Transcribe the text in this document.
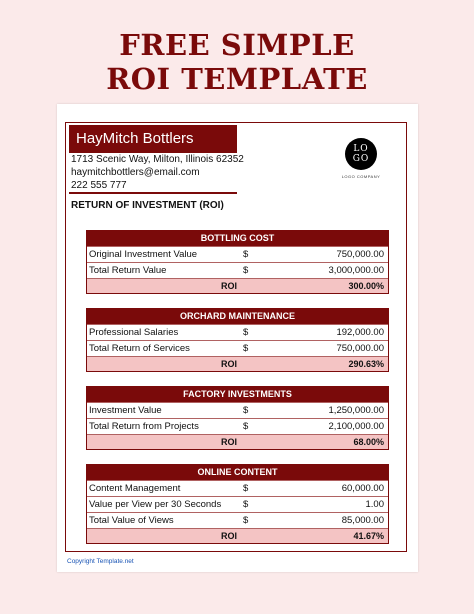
FREE SIMPLE
ROI TEMPLATE
HayMitch Bottlers
1713 Scenic Way, Milton, Illinois 62352
haymitchbottlers@email.com
222 555 777
RETURN OF INVESTMENT (ROI)
LO
GO
LOGO COMPANY
BOTTLING COST
Original Investment Value	$	750,000.00
Total Return Value	$	3,000,000.00
ROI	300.00%
ORCHARD MAINTENANCE
Professional Salaries	$	192,000.00
Total Return of Services	$	750,000.00
ROI	290.63%
FACTORY INVESTMENTS
Investment Value	$	1,250,000.00
Total Return from Projects	$	2,100,000.00
ROI	68.00%
ONLINE CONTENT
Content Management	$	60,000.00
Value per View per 30 Seconds $	1.00
Total Value of Views	$	85,000.00
ROI	41.67%
Copyright Template.net
